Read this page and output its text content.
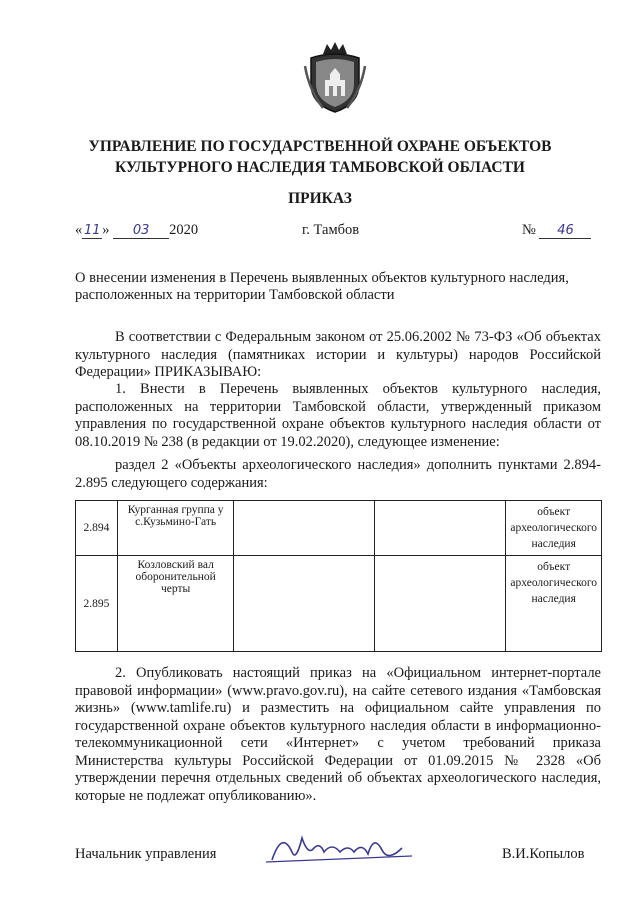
УПРАВЛЕНИЕ ПО ГОСУДАРСТВЕННОЙ ОХРАНЕ ОБЪЕКТОВ
КУЛЬТУРНОГО НАСЛЕДИЯ ТАМБОВСКОЙ ОБЛАСТИ
ПРИКАЗ
« 11 » 03 2020	г. Тамбов	№ 46
О внесении изменения в Перечень выявленных объектов культурного наследия,
расположенных на территории Тамбовской области
В соответствии с Федеральным законом от 25.06.2002 № 73-ФЗ «Об объектах культурного наследия (памятниках истории и культуры) народов Российской Федерации» ПРИКАЗЫВАЮ:
1. Внести в Перечень выявленных объектов культурного наследия, расположенных на территории Тамбовской области, утвержденный приказом управления по государственной охране объектов культурного наследия области от 08.10.2019 № 238 (в редакции от 19.02.2020), следующее изменение:
раздел 2 «Объекты археологического наследия» дополнить пунктами 2.894-2.895 следующего содержания:
2.894	Курганная группа у с.Кузьмино-Гать			объект археологического наследия
2.895	Козловский вал оборонительной черты			объект археологического наследия
2. Опубликовать настоящий приказ на «Официальном интернет-портале правовой информации» (www.pravo.gov.ru), на сайте сетевого издания «Тамбовская жизнь» (www.tamlife.ru) и разместить на официальном сайте управления по государственной охране объектов культурного наследия области в информационно-телекоммуникационной сети «Интернет» с учетом требований приказа Министерства культуры Российской Федерации от 01.09.2015 № 2328 «Об утверждении перечня отдельных сведений об объектах археологического наследия, которые не подлежат опубликованию».
Начальник управления	В.И.Копылов
